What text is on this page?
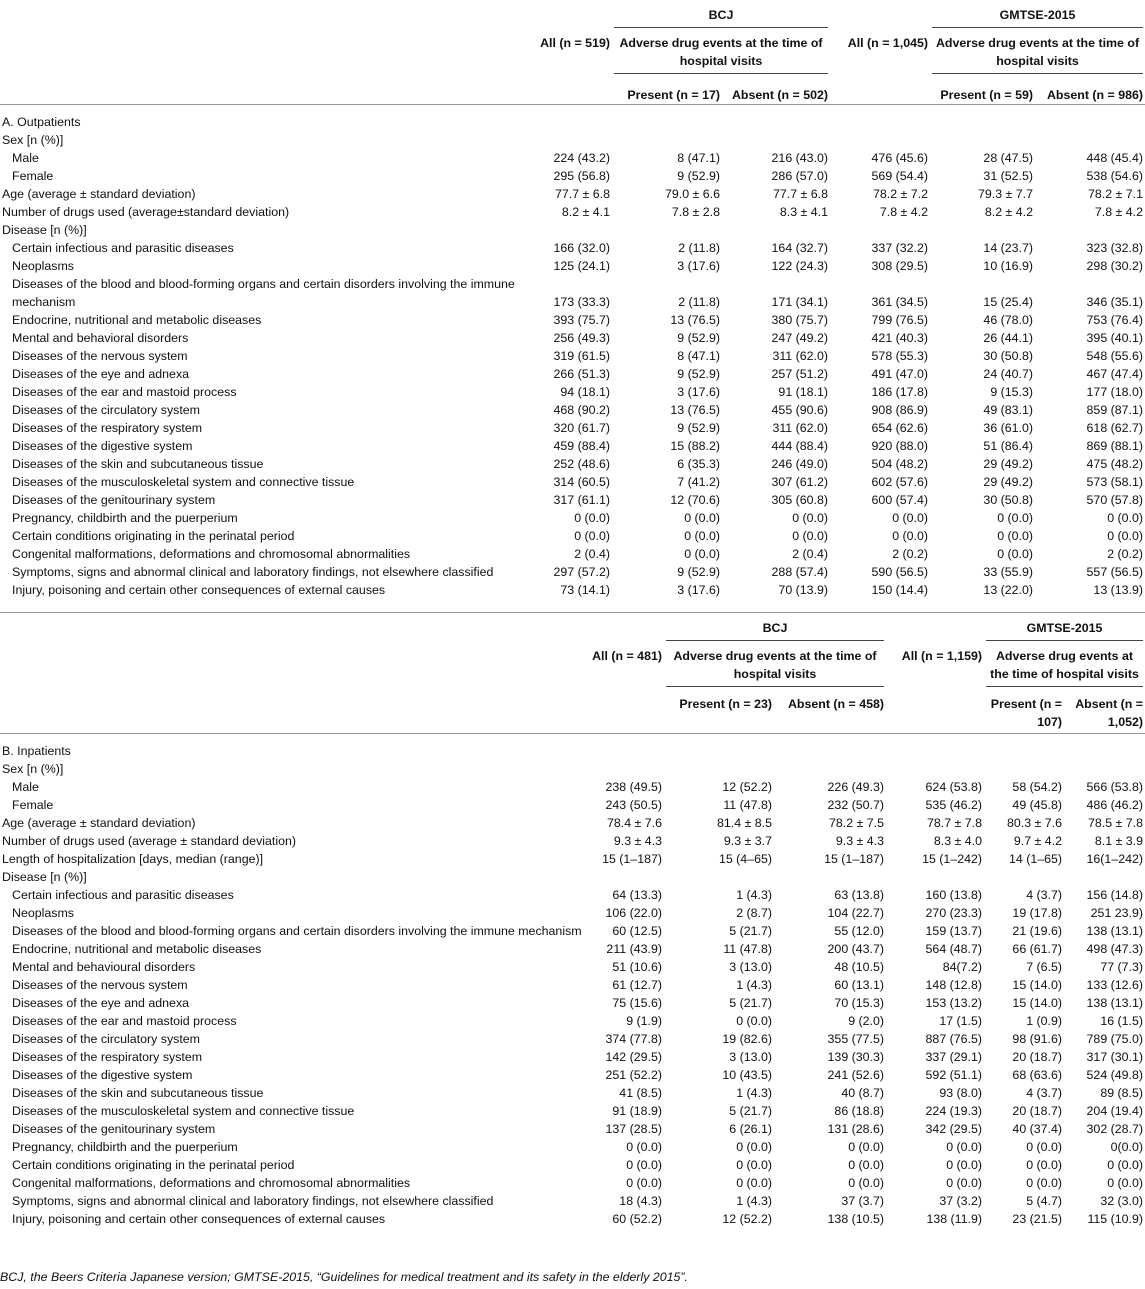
		BCJ			GMTSE-2015	

	All (n = 519)	Adverse drug events at the time of hospital visits		All (n = 1,045)	Adverse drug events at the time of hospital visits	

		Present (n = 17)	Absent (n = 502)		Present (n = 59)	Absent (n = 986)
A. Outpatients						
Sex [n (%)]						
Male	224 (43.2)	8 (47.1)	216 (43.0)	476 (45.6)	28 (47.5)	448 (45.4)
Female	295 (56.8)	9 (52.9)	286 (57.0)	569 (54.4)	31 (52.5)	538 (54.6)
Age (average ± standard deviation)	77.7 ± 6.8	79.0 ± 6.6	77.7 ± 6.8	78.2 ± 7.2	79.3 ± 7.7	78.2 ± 7.1
Number of drugs used (average±standard deviation)	8.2 ± 4.1	7.8 ± 2.8	8.3 ± 4.1	7.8 ± 4.2	8.2 ± 4.2	7.8 ± 4.2
Disease [n (%)]						
Certain infectious and parasitic diseases	166 (32.0)	2 (11.8)	164 (32.7)	337 (32.2)	14 (23.7)	323 (32.8)
Neoplasms	125 (24.1)	3 (17.6)	122 (24.3)	308 (29.5)	10 (16.9)	298 (30.2)
Diseases of the blood and blood-forming organs and certain disorders involving the immune mechanism	173 (33.3)	2 (11.8)	171 (34.1)	361 (34.5)	15 (25.4)	346 (35.1)
Endocrine, nutritional and metabolic diseases	393 (75.7)	13 (76.5)	380 (75.7)	799 (76.5)	46 (78.0)	753 (76.4)
Mental and behavioral disorders	256 (49.3)	9 (52.9)	247 (49.2)	421 (40.3)	26 (44.1)	395 (40.1)
Diseases of the nervous system	319 (61.5)	8 (47.1)	311 (62.0)	578 (55.3)	30 (50.8)	548 (55.6)
Diseases of the eye and adnexa	266 (51.3)	9 (52.9)	257 (51.2)	491 (47.0)	24 (40.7)	467 (47.4)
Diseases of the ear and mastoid process	94 (18.1)	3 (17.6)	91 (18.1)	186 (17.8)	9 (15.3)	177 (18.0)
Diseases of the circulatory system	468 (90.2)	13 (76.5)	455 (90.6)	908 (86.9)	49 (83.1)	859 (87.1)
Diseases of the respiratory system	320 (61.7)	9 (52.9)	311 (62.0)	654 (62.6)	36 (61.0)	618 (62.7)
Diseases of the digestive system	459 (88.4)	15 (88.2)	444 (88.4)	920 (88.0)	51 (86.4)	869 (88.1)
Diseases of the skin and subcutaneous tissue	252 (48.6)	6 (35.3)	246 (49.0)	504 (48.2)	29 (49.2)	475 (48.2)
Diseases of the musculoskeletal system and connective tissue	314 (60.5)	7 (41.2)	307 (61.2)	602 (57.6)	29 (49.2)	573 (58.1)
Diseases of the genitourinary system	317 (61.1)	12 (70.6)	305 (60.8)	600 (57.4)	30 (50.8)	570 (57.8)
Pregnancy, childbirth and the puerperium	0 (0.0)	0 (0.0)	0 (0.0)	0 (0.0)	0 (0.0)	0 (0.0)
Certain conditions originating in the perinatal period	0 (0.0)	0 (0.0)	0 (0.0)	0 (0.0)	0 (0.0)	0 (0.0)
Congenital malformations, deformations and chromosomal abnormalities	2 (0.4)	0 (0.0)	2 (0.4)	2 (0.2)	0 (0.0)	2 (0.2)
Symptoms, signs and abnormal clinical and laboratory findings, not elsewhere classified	297 (57.2)	9 (52.9)	288 (57.4)	590 (56.5)	33 (55.9)	557 (56.5)
Injury, poisoning and certain other consequences of external causes	73 (14.1)	3 (17.6)	70 (13.9)	150 (14.4)	13 (22.0)	13 (13.9)

		BCJ			GMTSE-2015	

	All (n = 481)	Adverse drug events at the time of hospital visits		All (n = 1,159)	Adverse drug events at the time of hospital visits	

		Present (n = 23)	Absent (n = 458)		Present (n = 107)	Absent (n = 1,052)
B. Inpatients						
Sex [n (%)]						
Male	238 (49.5)	12 (52.2)	226 (49.3)	624 (53.8)	58 (54.2)	566 (53.8)
Female	243 (50.5)	11 (47.8)	232 (50.7)	535 (46.2)	49 (45.8)	486 (46.2)
Age (average ± standard deviation)	78.4 ± 7.6	81.4 ± 8.5	78.2 ± 7.5	78.7 ± 7.8	80.3 ± 7.6	78.5 ± 7.8
Number of drugs used (average ± standard deviation)	9.3 ± 4.3	9.3 ± 3.7	9.3 ± 4.3	8.3 ± 4.0	9.7 ± 4.2	8.1 ± 3.9
Length of hospitalization [days, median (range)]	15 (1–187)	15 (4–65)	15 (1–187)	15 (1–242)	14 (1–65)	16(1–242)
Disease [n (%)]						
Certain infectious and parasitic diseases	64 (13.3)	1 (4.3)	63 (13.8)	160 (13.8)	4 (3.7)	156 (14.8)
Neoplasms	106 (22.0)	2 (8.7)	104 (22.7)	270 (23.3)	19 (17.8)	251 23.9)
Diseases of the blood and blood-forming organs and certain disorders involving the immune mechanism	60 (12.5)	5 (21.7)	55 (12.0)	159 (13.7)	21 (19.6)	138 (13.1)
Endocrine, nutritional and metabolic diseases	211 (43.9)	11 (47.8)	200 (43.7)	564 (48.7)	66 (61.7)	498 (47.3)
Mental and behavioural disorders	51 (10.6)	3 (13.0)	48 (10.5)	84(7.2)	7 (6.5)	77 (7.3)
Diseases of the nervous system	61 (12.7)	1 (4.3)	60 (13.1)	148 (12.8)	15 (14.0)	133 (12.6)
Diseases of the eye and adnexa	75 (15.6)	5 (21.7)	70 (15.3)	153 (13.2)	15 (14.0)	138 (13.1)
Diseases of the ear and mastoid process	9 (1.9)	0 (0.0)	9 (2.0)	17 (1.5)	1 (0.9)	16 (1.5)
Diseases of the circulatory system	374 (77.8)	19 (82.6)	355 (77.5)	887 (76.5)	98 (91.6)	789 (75.0)
Diseases of the respiratory system	142 (29.5)	3 (13.0)	139 (30.3)	337 (29.1)	20 (18.7)	317 (30.1)
Diseases of the digestive system	251 (52.2)	10 (43.5)	241 (52.6)	592 (51.1)	68 (63.6)	524 (49.8)
Diseases of the skin and subcutaneous tissue	41 (8.5)	1 (4.3)	40 (8.7)	93 (8.0)	4 (3.7)	89 (8.5)
Diseases of the musculoskeletal system and connective tissue	91 (18.9)	5 (21.7)	86 (18.8)	224 (19.3)	20 (18.7)	204 (19.4)
Diseases of the genitourinary system	137 (28.5)	6 (26.1)	131 (28.6)	342 (29.5)	40 (37.4)	302 (28.7)
Pregnancy, childbirth and the puerperium	0 (0.0)	0 (0.0)	0 (0.0)	0 (0.0)	0 (0.0)	0(0.0)
Certain conditions originating in the perinatal period	0 (0.0)	0 (0.0)	0 (0.0)	0 (0.0)	0 (0.0)	0 (0.0)
Congenital malformations, deformations and chromosomal abnormalities	0 (0.0)	0 (0.0)	0 (0.0)	0 (0.0)	0 (0.0)	0 (0.0)
Symptoms, signs and abnormal clinical and laboratory findings, not elsewhere classified	18 (4.3)	1 (4.3)	37 (3.7)	37 (3.2)	5 (4.7)	32 (3.0)
Injury, poisoning and certain other consequences of external causes	60 (52.2)	12 (52.2)	138 (10.5)	138 (11.9)	23 (21.5)	115 (10.9)
BCJ, the Beers Criteria Japanese version; GMTSE-2015, “Guidelines for medical treatment and its safety in the elderly 2015”.
